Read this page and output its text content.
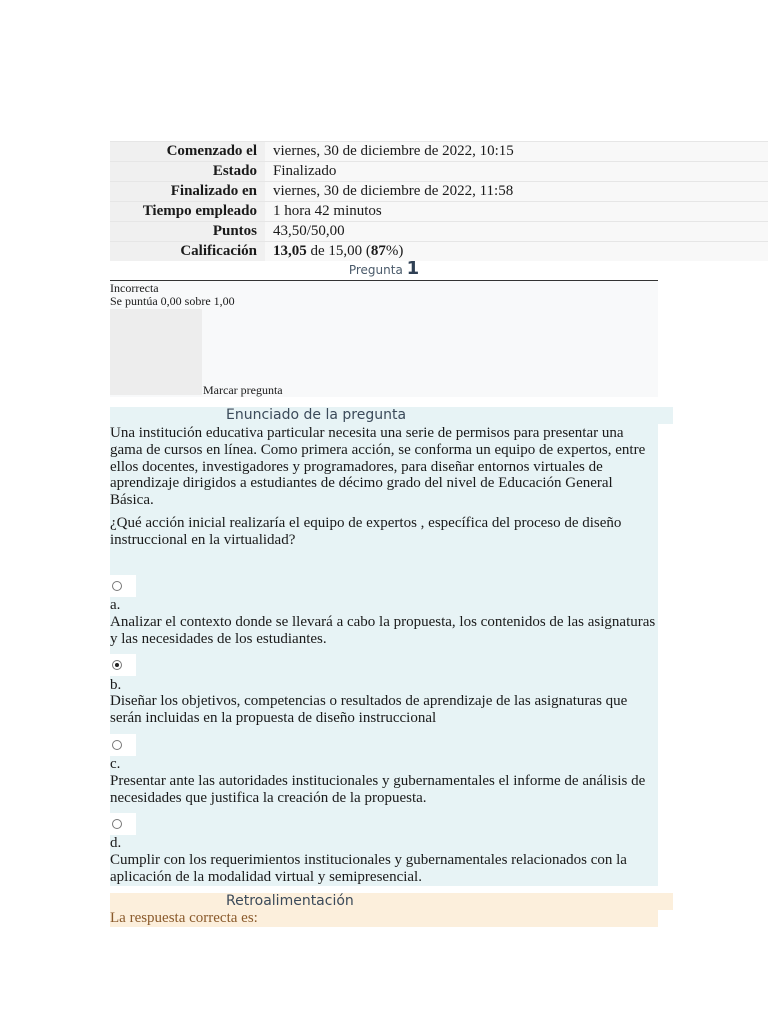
Comenzado el	viernes, 30 de diciembre de 2022, 10:15
Estado	Finalizado
Finalizado en	viernes, 30 de diciembre de 2022, 11:58
Tiempo empleado	1 hora 42 minutos
Puntos	43,50/50,00
Calificación	13,05 de 15,00 (87%)
Pregunta 1
Incorrecta
Se puntúa 0,00 sobre 1,00
Marcar pregunta
Enunciado de la pregunta

Una institución educativa particular necesita una serie de permisos para presentar una gama de cursos en línea. Como primera acción, se conforma un equipo de expertos, entre ellos docentes, investigadores y programadores, para diseñar entornos virtuales de aprendizaje dirigidos a estudiantes de décimo grado del nivel de Educación General Básica.

¿Qué acción inicial realizaría el equipo de expertos , específica del proceso de diseño instruccional en la virtualidad?

a.

Analizar el contexto donde se llevará a cabo la propuesta, los contenidos de las asignaturas y las necesidades de los estudiantes.

b.

Diseñar los objetivos, competencias o resultados de aprendizaje de las asignaturas que serán incluidas en la propuesta de diseño instruccional

c.

Presentar ante las autoridades institucionales y gubernamentales el informe de análisis de necesidades que justifica la creación de la propuesta.

d.

Cumplir con los requerimientos institucionales y gubernamentales relacionados con la aplicación de la modalidad virtual y semipresencial.

Retroalimentación
La respuesta correcta es:
